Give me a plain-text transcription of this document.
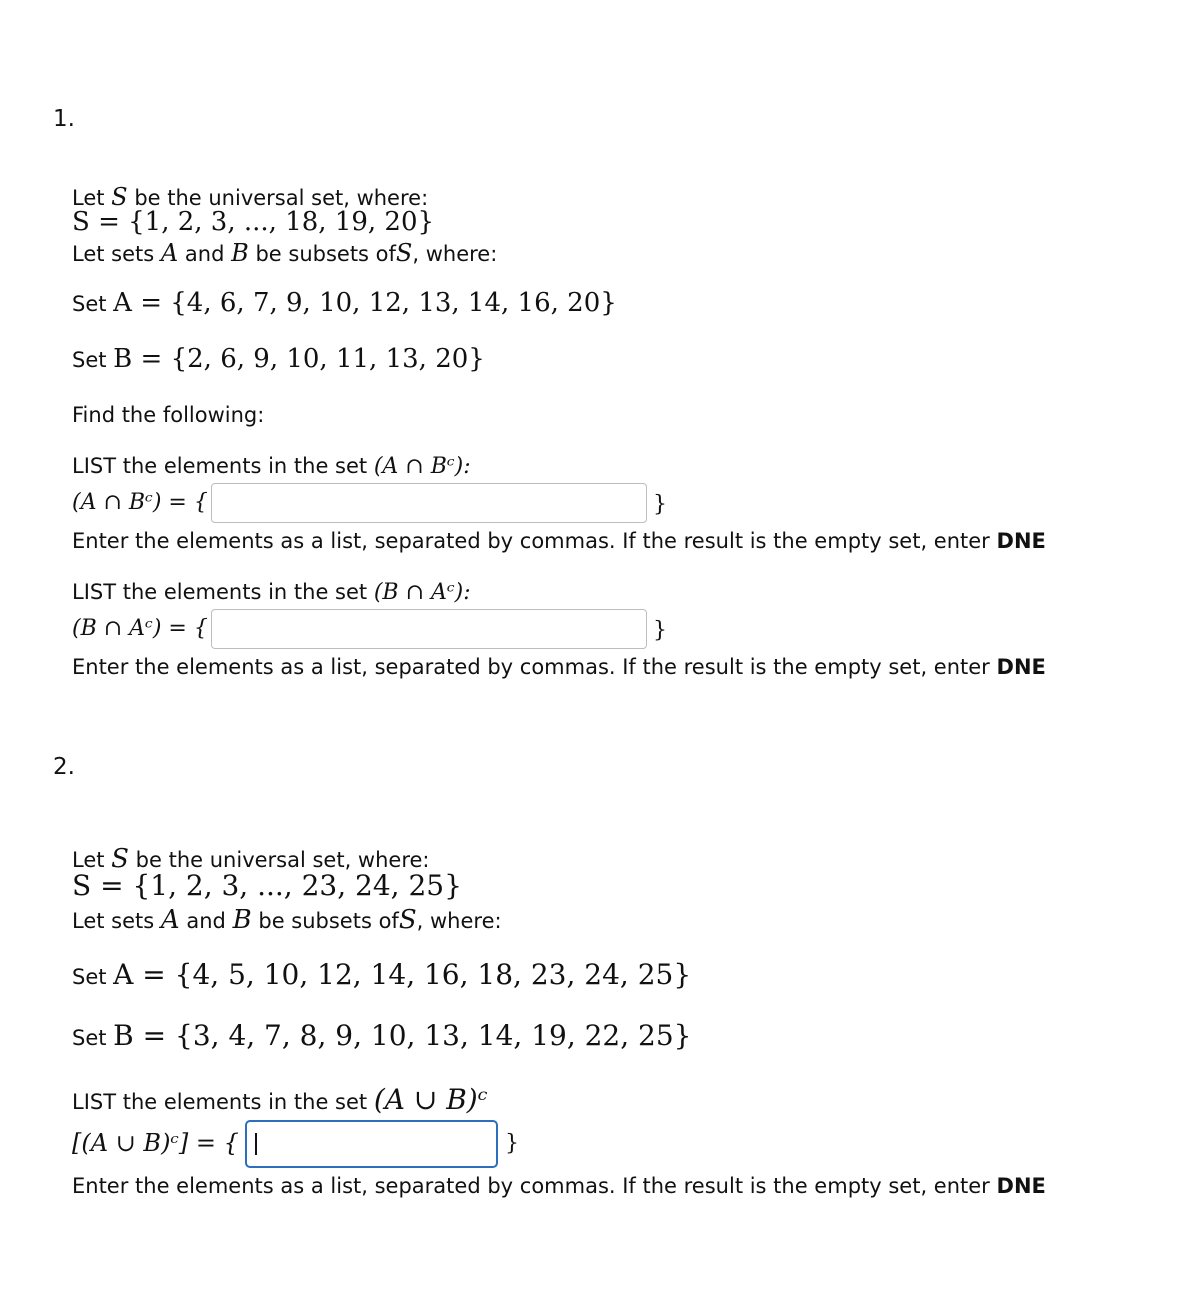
1.
Let S be the universal set, where:
S = {1, 2, 3, ..., 18, 19, 20}
Let sets A and B be subsets ofS, where:
Set A = {4, 6, 7, 9, 10, 12, 13, 14, 16, 20}
Set B = {2, 6, 9, 10, 11, 13, 20}
Find the following:
LIST the elements in the set (A ∩ Bᶜ):
(A ∩ Bᶜ) = {	}
Enter the elements as a list, separated by commas. If the result is the empty set, enter DNE
LIST the elements in the set (B ∩ Aᶜ):
(B ∩ Aᶜ) = {	}
Enter the elements as a list, separated by commas. If the result is the empty set, enter DNE
2.
Let S be the universal set, where:
S = {1, 2, 3, ..., 23, 24, 25}
Let sets A and B be subsets ofS, where:
Set A = {4, 5, 10, 12, 14, 16, 18, 23, 24, 25}
Set B = {3, 4, 7, 8, 9, 10, 13, 14, 19, 22, 25}
LIST the elements in the set (A ∪ B)ᶜ
[(A ∪ B)ᶜ] = {	}
Enter the elements as a list, separated by commas. If the result is the empty set, enter DNE
